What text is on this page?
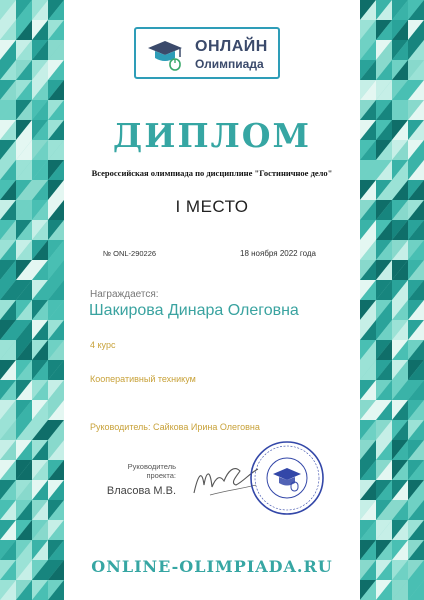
ОНЛАЙН
Олимпиада
ДИПЛОМ
Всероссийская олимпиада по дисциплине "Гостиничное дело"
I МЕСТО
№ ONL-290226	18 ноября 2022 года
Награждается:
Шакирова Динара Олеговна
4 курс
Кооперативный техникум
Руководитель: Сайкова Ирина Олеговна
Руководитель
проекта:
Власова М.В.
ONLINE-OLIMPIADA.RU
